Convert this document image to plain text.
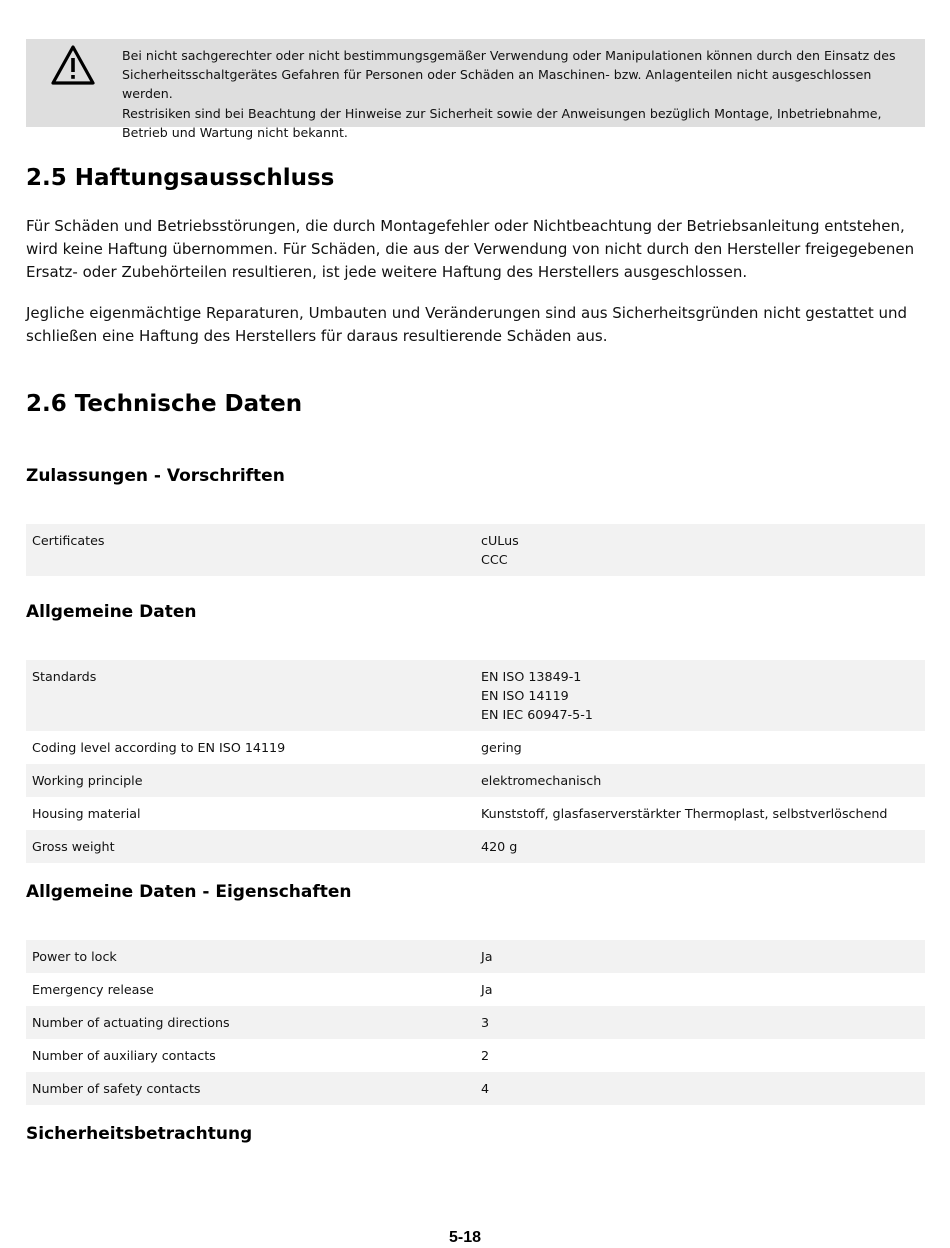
Bei nicht sachgerechter oder nicht bestimmungsgemäßer Verwendung oder Manipulationen können durch den Einsatz des
Sicherheitsschaltgerätes Gefahren für Personen oder Schäden an Maschinen- bzw. Anlagenteilen nicht ausgeschlossen werden.
Restrisiken sind bei Beachtung der Hinweise zur Sicherheit sowie der Anweisungen bezüglich Montage, Inbetriebnahme,
Betrieb und Wartung nicht bekannt.
2.5 Haftungsausschluss

Für Schäden und Betriebsstörungen, die durch Montagefehler oder Nichtbeachtung der Betriebsanleitung entstehen, wird keine Haftung übernommen. Für Schäden, die aus der Verwendung von nicht durch den Hersteller freigegebenen Ersatz- oder Zubehörteilen resultieren, ist jede weitere Haftung des Herstellers ausgeschlossen.

Jegliche eigenmächtige Reparaturen, Umbauten und Veränderungen sind aus Sicherheitsgründen nicht gestattet und schließen eine Haftung des Herstellers für daraus resultierende Schäden aus.

2.6 Technische Daten
Zulassungen - Vorschriften
Certificates	cULus
CCC
Allgemeine Daten
Standards	EN ISO 13849-1
EN ISO 14119
EN IEC 60947-5-1
Coding level according to EN ISO 14119	gering
Working principle	elektromechanisch
Housing material	Kunststoff, glasfaserverstärkter Thermoplast, selbstverlöschend
Gross weight	420 g
Allgemeine Daten - Eigenschaften
Power to lock	Ja
Emergency release	Ja
Number of actuating directions	3
Number of auxiliary contacts	2
Number of safety contacts	4
Sicherheitsbetrachtung
5-18
